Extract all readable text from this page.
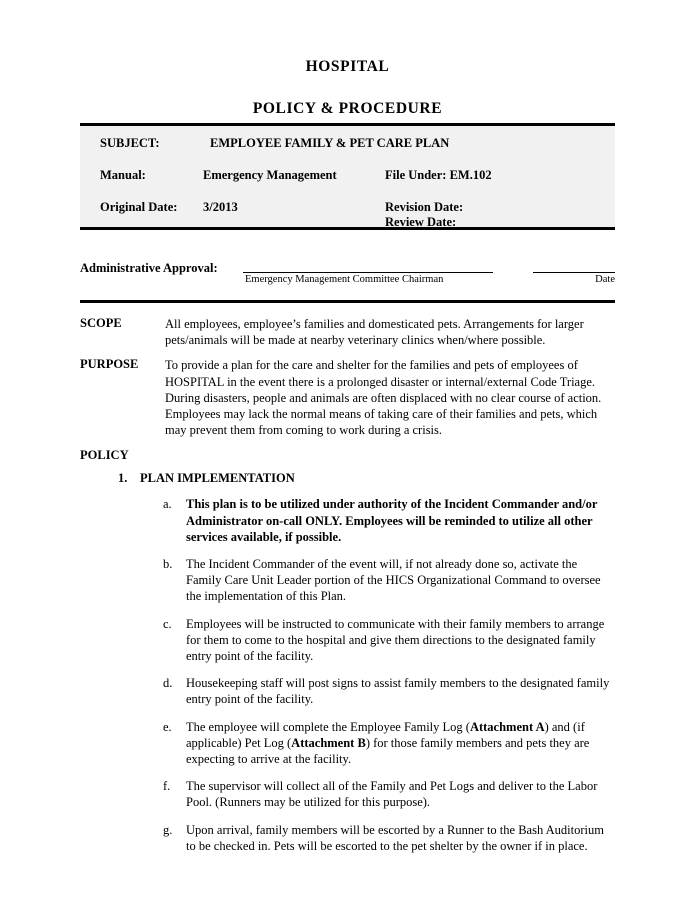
HOSPITAL
POLICY & PROCEDURE
SUBJECT:	EMPLOYEE FAMILY & PET CARE PLAN
Manual:	Emergency Management	File Under: EM.102
Original Date: 3/2013	Revision Date:
Review Date:
Administrative Approval:
Emergency Management Committee Chairman	Date
SCOPE	All employees, employee’s families and domesticated pets. Arrangements for larger pets/animals will be made at nearby veterinary clinics when/where possible.
PURPOSE To provide a plan for the care and shelter for the families and pets of employees of HOSPITAL in the event there is a prolonged disaster or internal/external Code Triage. During disasters, people and animals are often displaced with no clear course of action. Employees may lack the normal means of taking care of their families and pets, which may prevent them from coming to work during a crisis.
POLICY
1. PLAN IMPLEMENTATION
a. This plan is to be utilized under authority of the Incident Commander and/or Administrator on-call ONLY. Employees will be reminded to utilize all other services available, if possible.
b. The Incident Commander of the event will, if not already done so, activate the Family Care Unit Leader portion of the HICS Organizational Command to oversee the implementation of this Plan.
c. Employees will be instructed to communicate with their family members to arrange for them to come to the hospital and give them directions to the designated family entry point of the facility.
d. Housekeeping staff will post signs to assist family members to the designated family entry point of the facility.
e. The employee will complete the Employee Family Log (Attachment A) and (if applicable) Pet Log (Attachment B) for those family members and pets they are expecting to arrive at the facility.
f. The supervisor will collect all of the Family and Pet Logs and deliver to the Labor Pool. (Runners may be utilized for this purpose).
g. Upon arrival, family members will be escorted by a Runner to the Bash Auditorium to be checked in. Pets will be escorted to the pet shelter by the owner if in place.
